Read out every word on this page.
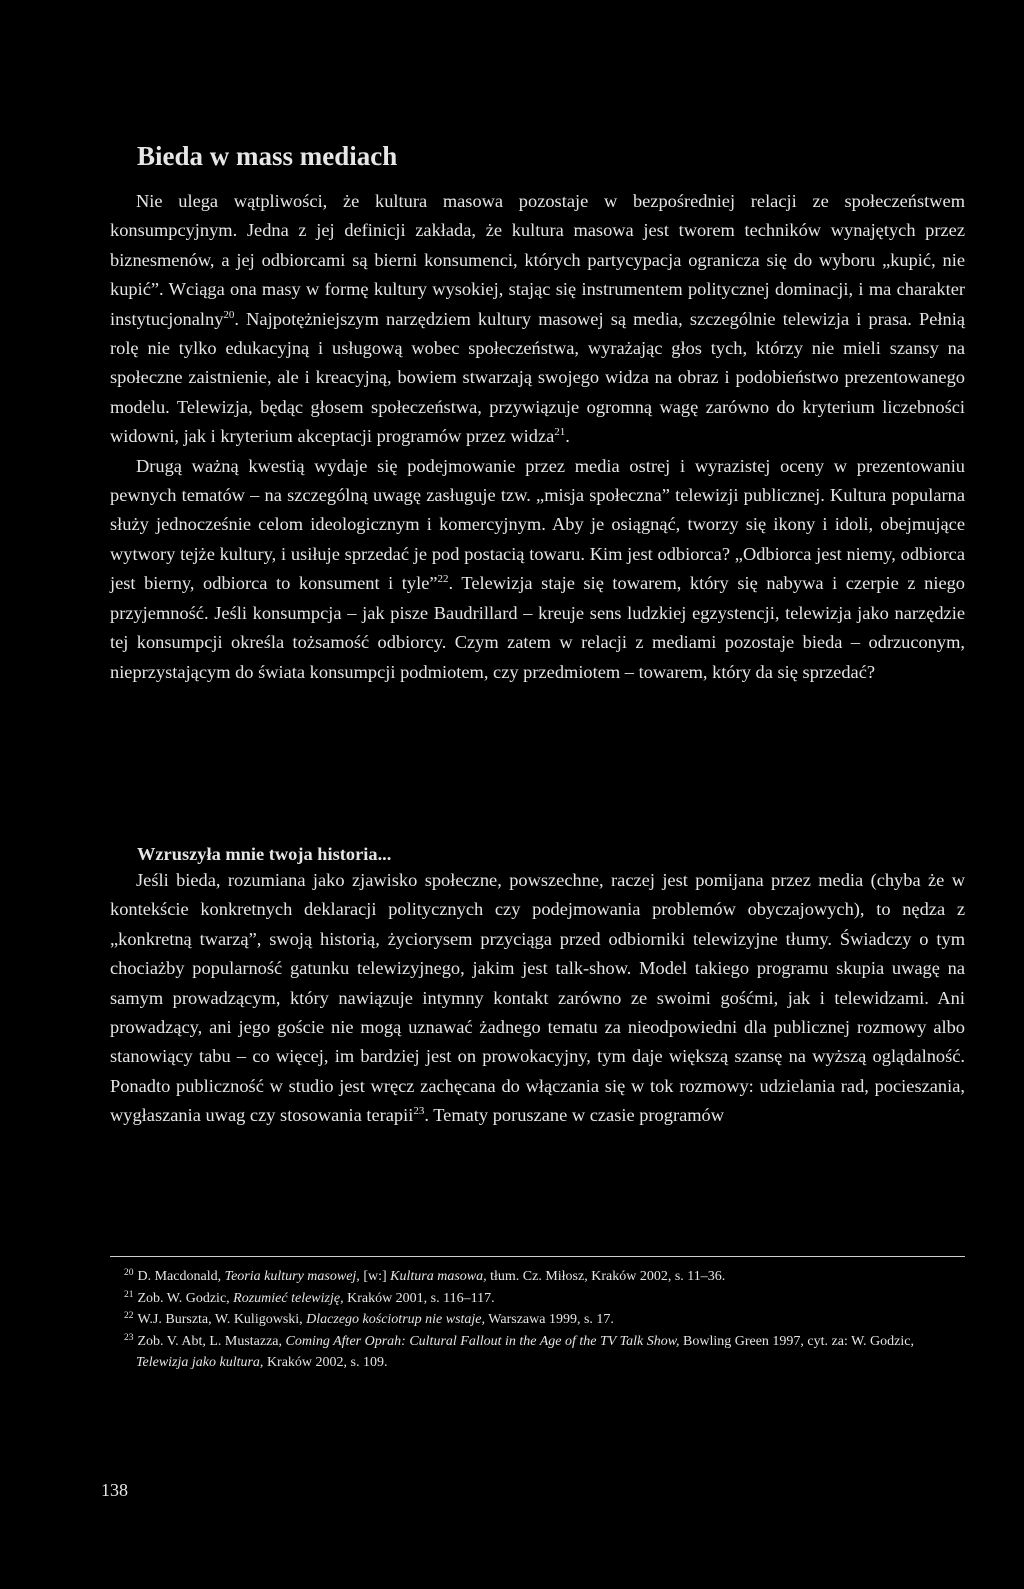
Bieda w mass mediach

Nie ulega wątpliwości, że kultura masowa pozostaje w bezpośredniej relacji ze społeczeństwem konsumpcyjnym. Jedna z jej definicji zakłada, że kultura masowa jest tworem techników wynajętych przez biznesmenów, a jej odbiorcami są bierni konsumenci, których partycypacja ogranicza się do wyboru „kupić, nie kupić”. Wciąga ona masy w formę kultury wysokiej, stając się instrumentem politycznej dominacji, i ma charakter instytucjonalny$^{20}$. Najpotężniejszym narzędziem kultury masowej są media, szczególnie telewizja i prasa. Pełnią rolę nie tylko edukacyjną i usługową wobec społeczeństwa, wyrażając głos tych, którzy nie mieli szansy na społeczne zaistnienie, ale i kreacyjną, bowiem stwarzają swojego widza na obraz i podobieństwo prezentowanego modelu. Telewizja, będąc głosem społeczeństwa, przywiązuje ogromną wagę zarówno do kryterium liczebności widowni, jak i kryterium akceptacji programów przez widza$^{21}$.

Drugą ważną kwestią wydaje się podejmowanie przez media ostrej i wyrazistej oceny w prezentowaniu pewnych tematów – na szczególną uwagę zasługuje tzw. „misja społeczna” telewizji publicznej. Kultura popularna służy jednocześnie celom ideologicznym i komercyjnym. Aby je osiągnąć, tworzy się ikony i idoli, obejmujące wytwory tejże kultury, i usiłuje sprzedać je pod postacią towaru. Kim jest odbiorca? „Odbiorca jest niemy, odbiorca jest bierny, odbiorca to konsument i tyle”$^{22}$. Telewizja staje się towarem, który się nabywa i czerpie z niego przyjemność. Jeśli konsumpcja – jak pisze Baudrillard – kreuje sens ludzkiej egzystencji, telewizja jako narzędzie tej konsumpcji określa tożsamość odbiorcy. Czym zatem w relacji z mediami pozostaje bieda – odrzuconym, nieprzystającym do świata konsumpcji podmiotem, czy przedmiotem – towarem, który da się sprzedać?

Wzruszyła mnie twoja historia...

Jeśli bieda, rozumiana jako zjawisko społeczne, powszechne, raczej jest pomijana przez media (chyba że w kontekście konkretnych deklaracji politycznych czy podejmowania problemów obyczajowych), to nędza z „konkretną twarzą”, swoją historią, życiorysem przyciąga przed odbiorniki telewizyjne tłumy. Świadczy o tym chociażby popularność gatunku telewizyjnego, jakim jest talk-show. Model takiego programu skupia uwagę na samym prowadzącym, który nawiązuje intymny kontakt zarówno ze swoimi gośćmi, jak i telewidzami. Ani prowadzący, ani jego goście nie mogą uznawać żadnego tematu za nieodpowiedni dla publicznej rozmowy albo stanowiący tabu – co więcej, im bardziej jest on prowokacyjny, tym daje większą szansę na wyższą oglądalność. Ponadto publiczność w studio jest wręcz zachęcana do włączania się w tok rozmowy: udzielania rad, pocieszania, wygłaszania uwag czy stosowania terapii$^{23}$. Tematy poruszane w czasie programów

$^{20}$ D. Macdonald, Teoria kultury masowej, [w:] Kultura masowa, tłum. Cz. Miłosz, Kraków 2002, s. 11–36.

$^{21}$ Zob. W. Godzic, Rozumieć telewizję, Kraków 2001, s. 116–117.

$^{22}$ W.J. Burszta, W. Kuligowski, Dlaczego kościotrup nie wstaje, Warszawa 1999, s. 17.

$^{23}$ Zob. V. Abt, L. Mustazza, Coming After Oprah: Cultural Fallout in the Age of the TV Talk Show, Bowling Green 1997, cyt. za: W. Godzic, Telewizja jako kultura, Kraków 2002, s. 109.

138
